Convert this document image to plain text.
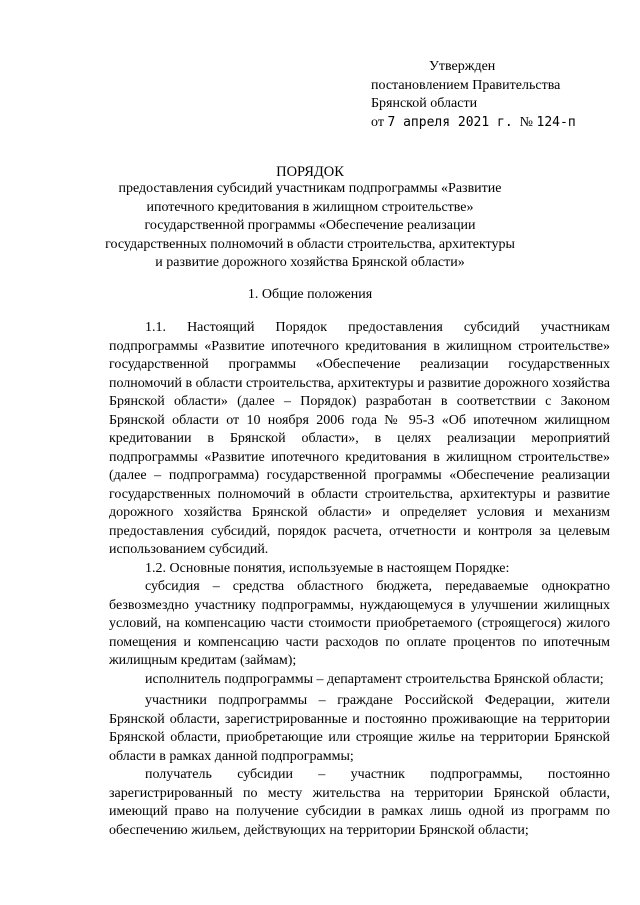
Утвержден
постановлением Правительства
Брянской области
от 7 апреля 2021 г. № 124-п
ПОРЯДОК
предоставления субсидий участникам подпрограммы «Развитие ипотечного кредитования в жилищном строительстве» государственной программы «Обеспечение реализации государственных полномочий в области строительства, архитектуры и развитие дорожного хозяйства Брянской области»
1. Общие положения

1.1. Настоящий Порядок предоставления субсидий участникам подпрограммы «Развитие ипотечного кредитования в жилищном строительстве» государственной программы «Обеспечение реализации государственных полномочий в области строительства, архитектуры и развитие дорожного хозяйства Брянской области» (далее – Порядок) разработан в соответствии с Законом Брянской области от 10 ноября 2006 года № 95-З «Об ипотечном жилищном кредитовании в Брянской области», в целях реализации мероприятий подпрограммы «Развитие ипотечного кредитования в жилищном строительстве» (далее – подпрограмма) государственной программы «Обеспечение реализации государственных полномочий в области строительства, архитектуры и развитие дорожного хозяйства Брянской области» и определяет условия и механизм предоставления субсидий, порядок расчета, отчетности и контроля за целевым использованием субсидий.

1.2. Основные понятия, используемые в настоящем Порядке:

субсидия – средства областного бюджета, передаваемые однократно безвозмездно участнику подпрограммы, нуждающемуся в улучшении жилищных условий, на компенсацию части стоимости приобретаемого (строящегося) жилого помещения и компенсацию части расходов по оплате процентов по ипотечным жилищным кредитам (займам);

исполнитель подпрограммы – департамент строительства Брянской области;

участники подпрограммы – граждане Российской Федерации, жители Брянской области, зарегистрированные и постоянно проживающие на территории Брянской области, приобретающие или строящие жилье на территории Брянской области в рамках данной подпрограммы;

получатель субсидии – участник подпрограммы, постоянно зарегистрированный по месту жительства на территории Брянской области, имеющий право на получение субсидии в рамках лишь одной из программ по обеспечению жильем, действующих на территории Брянской области;
